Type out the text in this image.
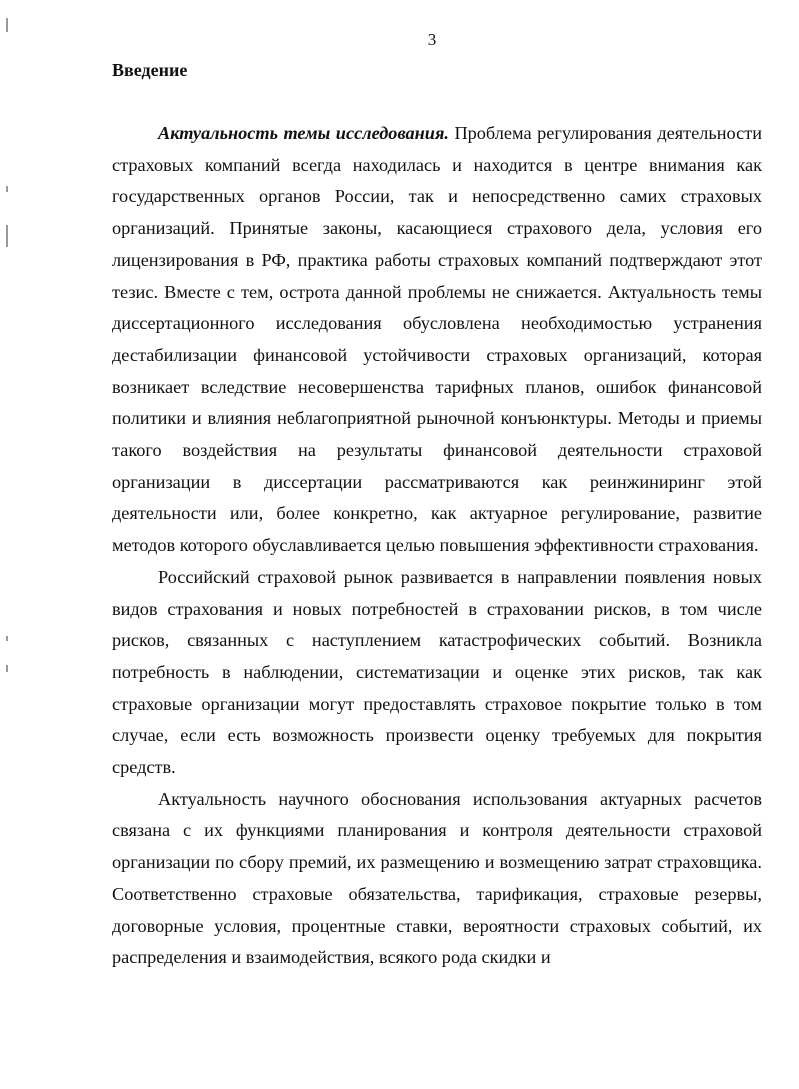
3
Введение

Актуальность темы исследования. Проблема регулирования деятельности страховых компаний всегда находилась и находится в центре внимания как государственных органов России, так и непосредственно самих страховых организаций. Принятые законы, касающиеся страхового дела, условия его лицензирования в РФ, практика работы страховых компаний подтверждают этот тезис. Вместе с тем, острота данной проблемы не снижается. Актуальность темы диссертационного исследования обусловлена необходимостью устранения дестабилизации финансовой устойчивости страховых организаций, которая возникает вследствие несовершенства тарифных планов, ошибок финансовой политики и влияния неблагоприятной рыночной конъюнктуры. Методы и приемы такого воздействия на результаты финансовой деятельности страховой организации в диссертации рассматриваются как реинжиниринг этой деятельности или, более конкретно, как актуарное регулирование, развитие методов которого обуславливается целью повышения эффективности страхования.

Российский страховой рынок развивается в направлении появления новых видов страхования и новых потребностей в страховании рисков, в том числе рисков, связанных с наступлением катастрофических событий. Возникла потребность в наблюдении, систематизации и оценке этих рисков, так как страховые организации могут предоставлять страховое покрытие только в том случае, если есть возможность произвести оценку требуемых для покрытия средств.

Актуальность научного обоснования использования актуарных расчетов связана с их функциями планирования и контроля деятельности страховой организации по сбору премий, их размещению и возмещению затрат страховщика. Соответственно страховые обязательства, тарификация, страховые резервы, договорные условия, процентные ставки, вероятности страховых событий, их распределения и взаимодействия, всякого рода скидки и
